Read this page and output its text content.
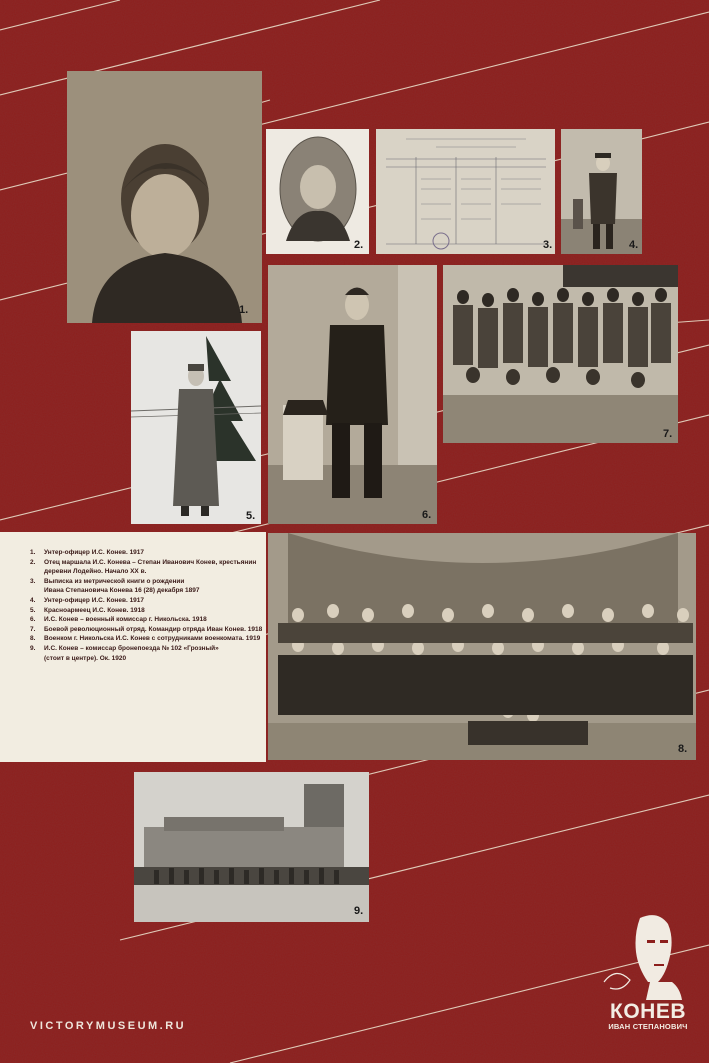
1.
2.	3.	4.
5.	6.
7.
1. Унтер-офицер И.С. Конев. 1917
2. Отец маршала И.С. Конева – Степан Иванович Конев, крестьянин
деревни Лодейно. Начало ХХ в.
3. Выписка из метрической книги о рождении
Ивана Степановича Конева 16 (28) декабря 1897
4. Унтер-офицер И.С. Конев. 1917
5. Красноармеец И.С. Конев. 1918
6. И.С. Конев – военный комиссар г. Никольска. 1918
7. Боевой революционный отряд. Командир отряда Иван Конев. 1918
8. Военком г. Никольска И.С. Конев с сотрудниками военкомата. 1919
9. И.С. Конев – комиссар бронепоезда № 102 «Грозный»
(стоит в центре). Ок. 1920
8.
9.
VICTORYMUSEUM.RU
КОНЕВ
ИВАН СТЕПАНОВИЧ
